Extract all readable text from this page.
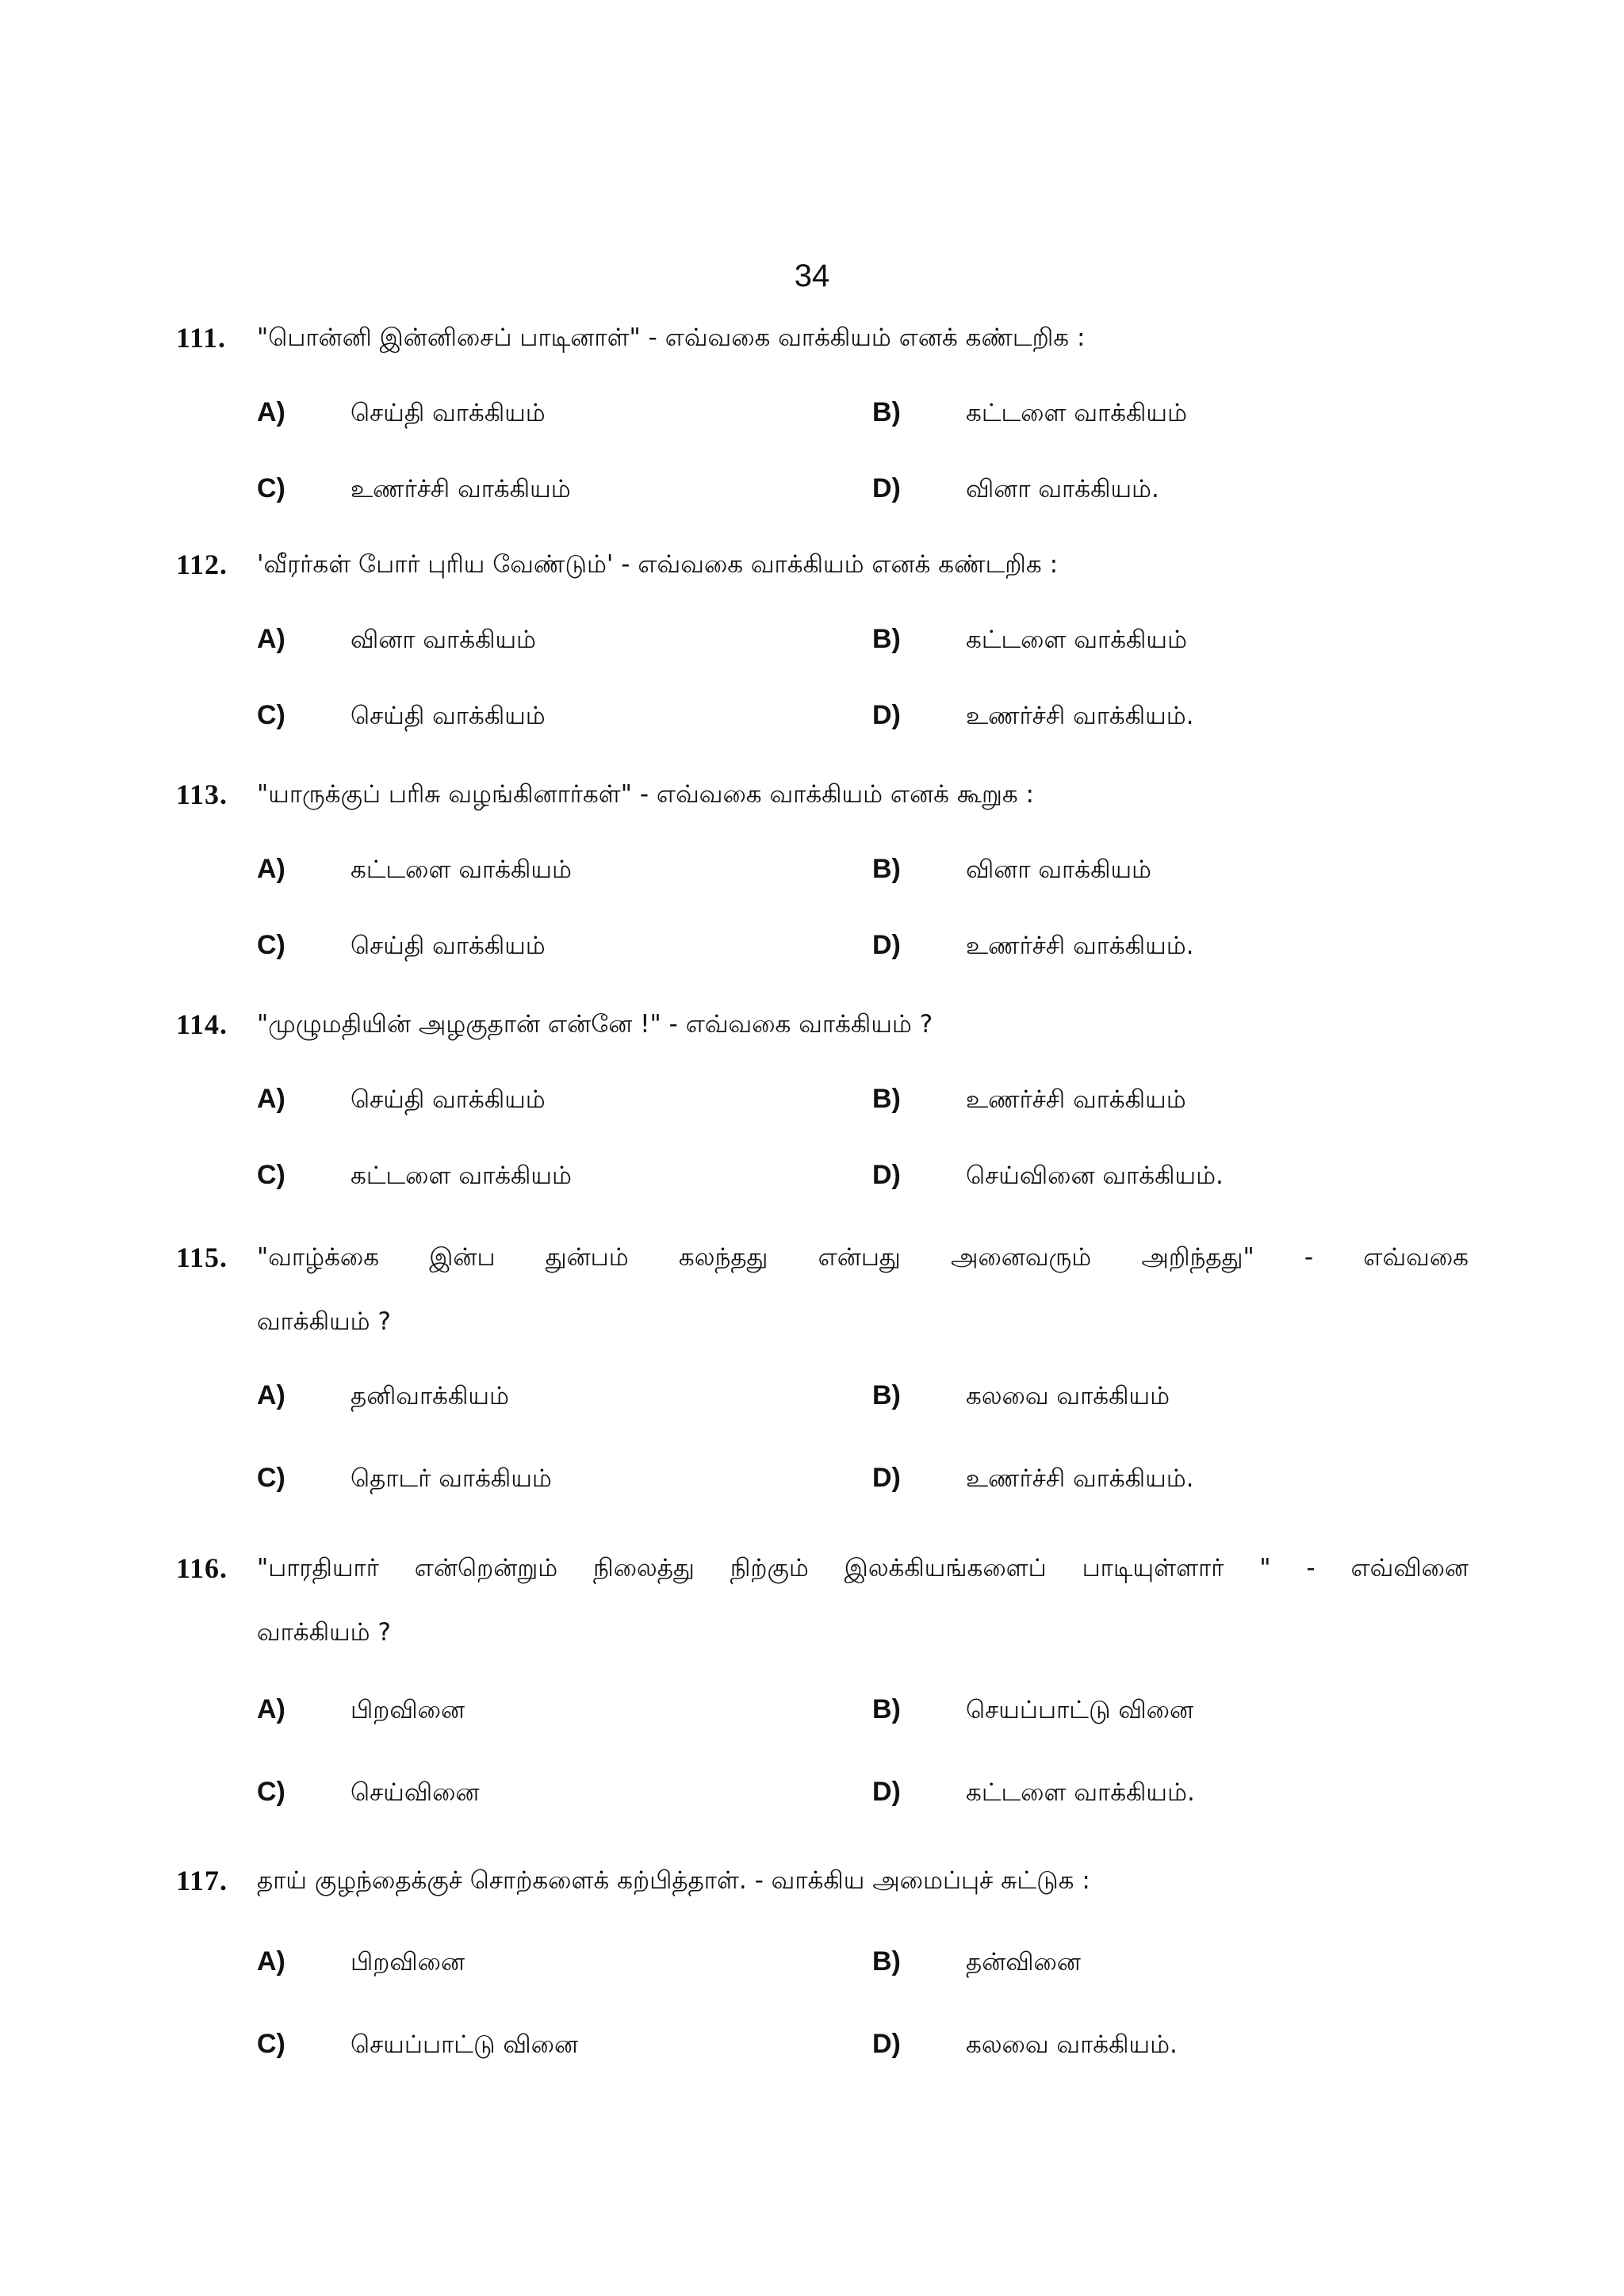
34
111. "பொன்னி இன்னிசைப் பாடினாள்" - எவ்வகை வாக்கியம் எனக் கண்டறிக :
A)	செய்தி வாக்கியம்	B)	கட்டளை வாக்கியம்
C)	உணர்ச்சி வாக்கியம்	D)	வினா வாக்கியம்.
112. 'வீரர்கள் போர் புரிய வேண்டும்' - எவ்வகை வாக்கியம் எனக் கண்டறிக :
A)	வினா வாக்கியம்	B)	கட்டளை வாக்கியம்
C)	செய்தி வாக்கியம்	D)	உணர்ச்சி வாக்கியம்.
113. "யாருக்குப் பரிசு வழங்கினார்கள்" - எவ்வகை வாக்கியம் எனக் கூறுக :
A)	கட்டளை வாக்கியம்	B)	வினா வாக்கியம்
C)	செய்தி வாக்கியம்	D)	உணர்ச்சி வாக்கியம்.
114. "முழுமதியின் அழகுதான் என்னே !" - எவ்வகை வாக்கியம் ?
A)	செய்தி வாக்கியம்	B)	உணர்ச்சி வாக்கியம்
C)	கட்டளை வாக்கியம்	D)	செய்வினை வாக்கியம்.
115. "வாழ்க்கை இன்ப துன்பம் கலந்தது என்பது அனைவரும் அறிந்தது" - எவ்வகை
வாக்கியம் ?
A)	தனிவாக்கியம்	B)	கலவை வாக்கியம்
C)	தொடர் வாக்கியம்	D)	உணர்ச்சி வாக்கியம்.
116. "பாரதியார் என்றென்றும் நிலைத்து நிற்கும் இலக்கியங்களைப் பாடியுள்ளார் " - எவ்வினை
வாக்கியம் ?
A)	பிறவினை	B)	செயப்பாட்டு வினை
C)	செய்வினை	D)	கட்டளை வாக்கியம்.
117. தாய் குழந்தைக்குச் சொற்களைக் கற்பித்தாள். - வாக்கிய அமைப்புச் சுட்டுக :
A)	பிறவினை	B)	தன்வினை
C)	செயப்பாட்டு வினை	D)	கலவை வாக்கியம்.
